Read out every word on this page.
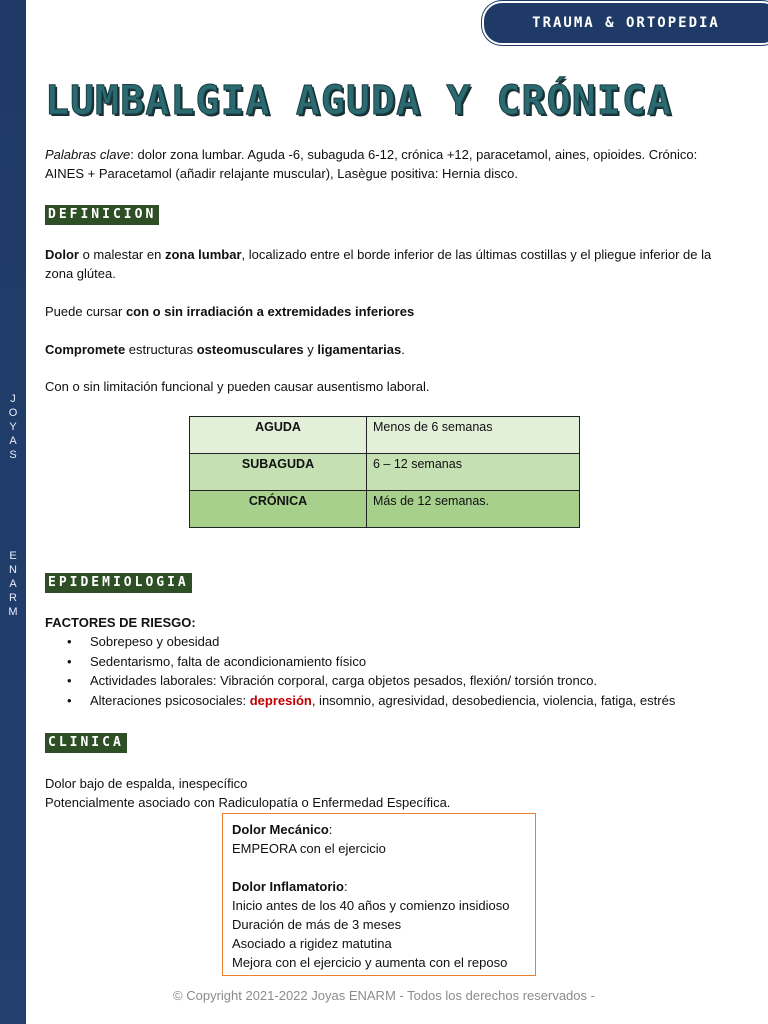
J
O
Y
A
S
E
N
A
R
M
TRAUMA & ORTOPEDIA
LUMBALGIA AGUDA Y CRÓNICA
Palabras clave: dolor zona lumbar. Aguda -6, subaguda 6-12, crónica +12, paracetamol, aines, opioides. Crónico: AINES + Paracetamol (añadir relajante muscular), Lasègue positiva: Hernia disco.
DEFINICION
Dolor o malestar en zona lumbar, localizado entre el borde inferior de las últimas costillas y el pliegue inferior de la zona glútea.
Puede cursar con o sin irradiación a extremidades inferiores
Compromete estructuras osteomusculares y ligamentarias.
Con o sin limitación funcional y pueden causar ausentismo laboral.
AGUDA	Menos de 6 semanas
SUBAGUDA	6 – 12 semanas
CRÓNICA	Más de 12 semanas.
EPIDEMIOLOGIA
FACTORES DE RIESGO:
• Sobrepeso y obesidad
• Sedentarismo, falta de acondicionamiento físico
• Actividades laborales: Vibración corporal, carga objetos pesados, flexión/ torsión tronco.
• Alteraciones psicosociales: depresión, insomnio, agresividad, desobediencia, violencia, fatiga, estrés
CLINICA
Dolor bajo de espalda, inespecífico
Potencialmente asociado con Radiculopatía o Enfermedad Específica.
Dolor Mecánico:
EMPEORA con el ejercicio
Dolor Inflamatorio:
Inicio antes de los 40 años y comienzo insidioso
Duración de más de 3 meses
Asociado a rigidez matutina
Mejora con el ejercicio y aumenta con el reposo
© Copyright 2021-2022 Joyas ENARM - Todos los derechos reservados -
